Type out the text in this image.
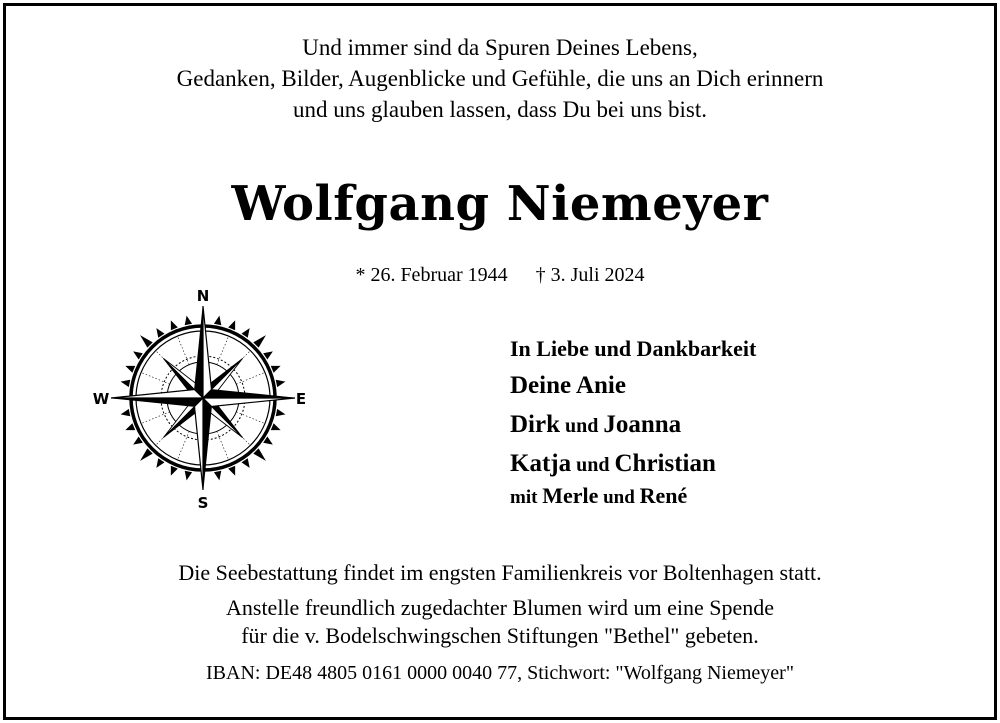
Und immer sind da Spuren Deines Lebens,
Gedanken, Bilder, Augenblicke und Gefühle, die uns an Dich erinnern
und uns glauben lassen, dass Du bei uns bist.
Wolfgang Niemeyer
* 26. Februar 1944 † 3. Juli 2024
N
E
S
W
In Liebe und Dankbarkeit
Deine Anie
Dirk und Joanna
Katja und Christian
mit Merle und René
Die Seebestattung findet im engsten Familienkreis vor Boltenhagen statt.
Anstelle freundlich zugedachter Blumen wird um eine Spende
für die v. Bodelschwingschen Stiftungen "Bethel" gebeten.
IBAN: DE48 4805 0161 0000 0040 77, Stichwort: "Wolfgang Niemeyer"
